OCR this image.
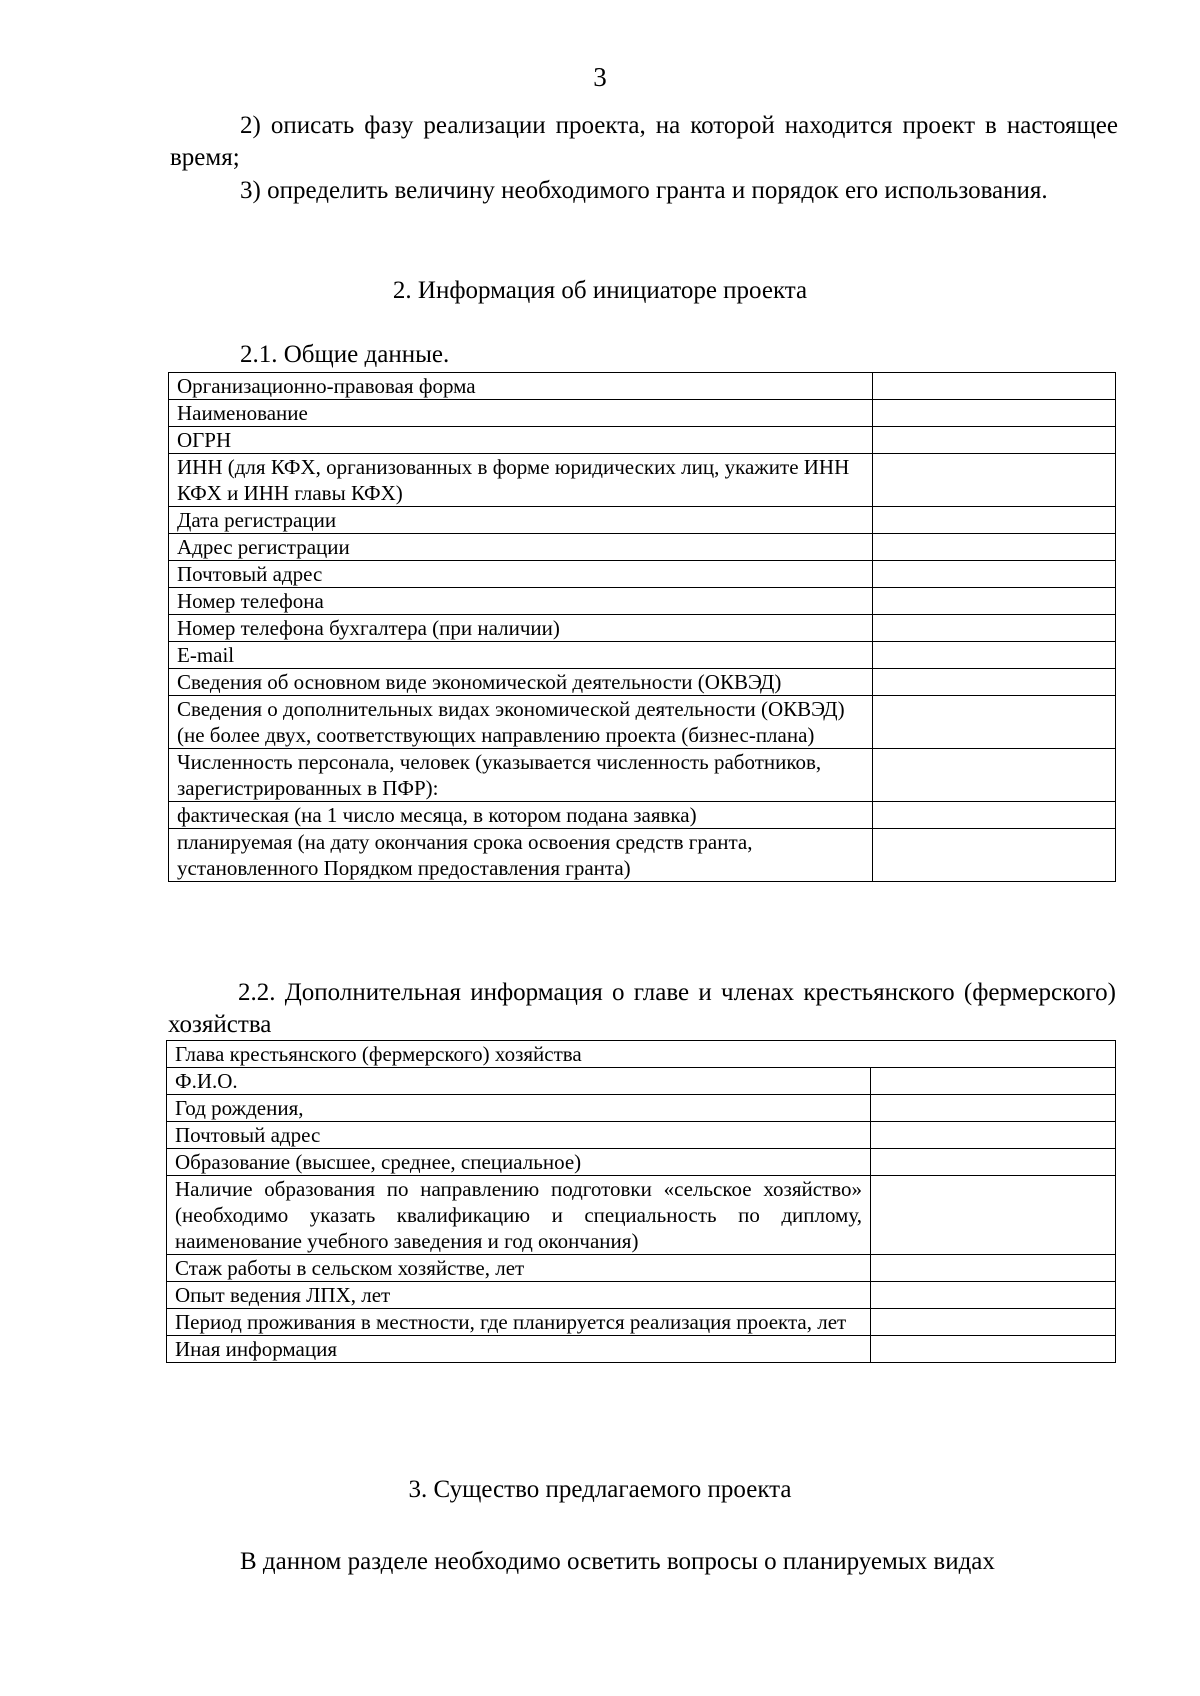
3
2) описать фазу реализации проекта, на которой находится проект в настоящее время;
3) определить величину необходимого гранта и порядок его использования.
2. Информация об инициаторе проекта
2.1. Общие данные.
Организационно-правовая форма	
Наименование	
ОГРН	
ИНН (для КФХ, организованных в форме юридических лиц, укажите ИНН КФХ и ИНН главы КФХ)	
Дата регистрации	
Адрес регистрации	
Почтовый адрес	
Номер телефона	
Номер телефона бухгалтера (при наличии)	
E-mail	
Сведения об основном виде экономической деятельности (ОКВЭД)	
Сведения о дополнительных видах экономической деятельности (ОКВЭД) (не более двух, соответствующих направлению проекта (бизнес-плана)	
Численность персонала, человек (указывается численность работников, зарегистрированных в ПФР):	
фактическая (на 1 число месяца, в котором подана заявка)	
планируемая (на дату окончания срока освоения средств гранта, установленного Порядком предоставления гранта)	
2.2. Дополнительная информация о главе и членах крестьянского (фермерского) хозяйства
Глава крестьянского (фермерского) хозяйства	
Ф.И.О.	
Год рождения,	
Почтовый адрес	
Образование (высшее, среднее, специальное)	
Наличие образования по направлению подготовки «сельское хозяйство» (необходимо указать квалификацию и специальность по диплому, наименование учебного заведения и год окончания)	
Стаж работы в сельском хозяйстве, лет	
Опыт ведения ЛПХ, лет	
Период проживания в местности, где планируется реализация проекта, лет	
Иная информация	
3. Существо предлагаемого проекта
В данном разделе необходимо осветить вопросы о планируемых видах
